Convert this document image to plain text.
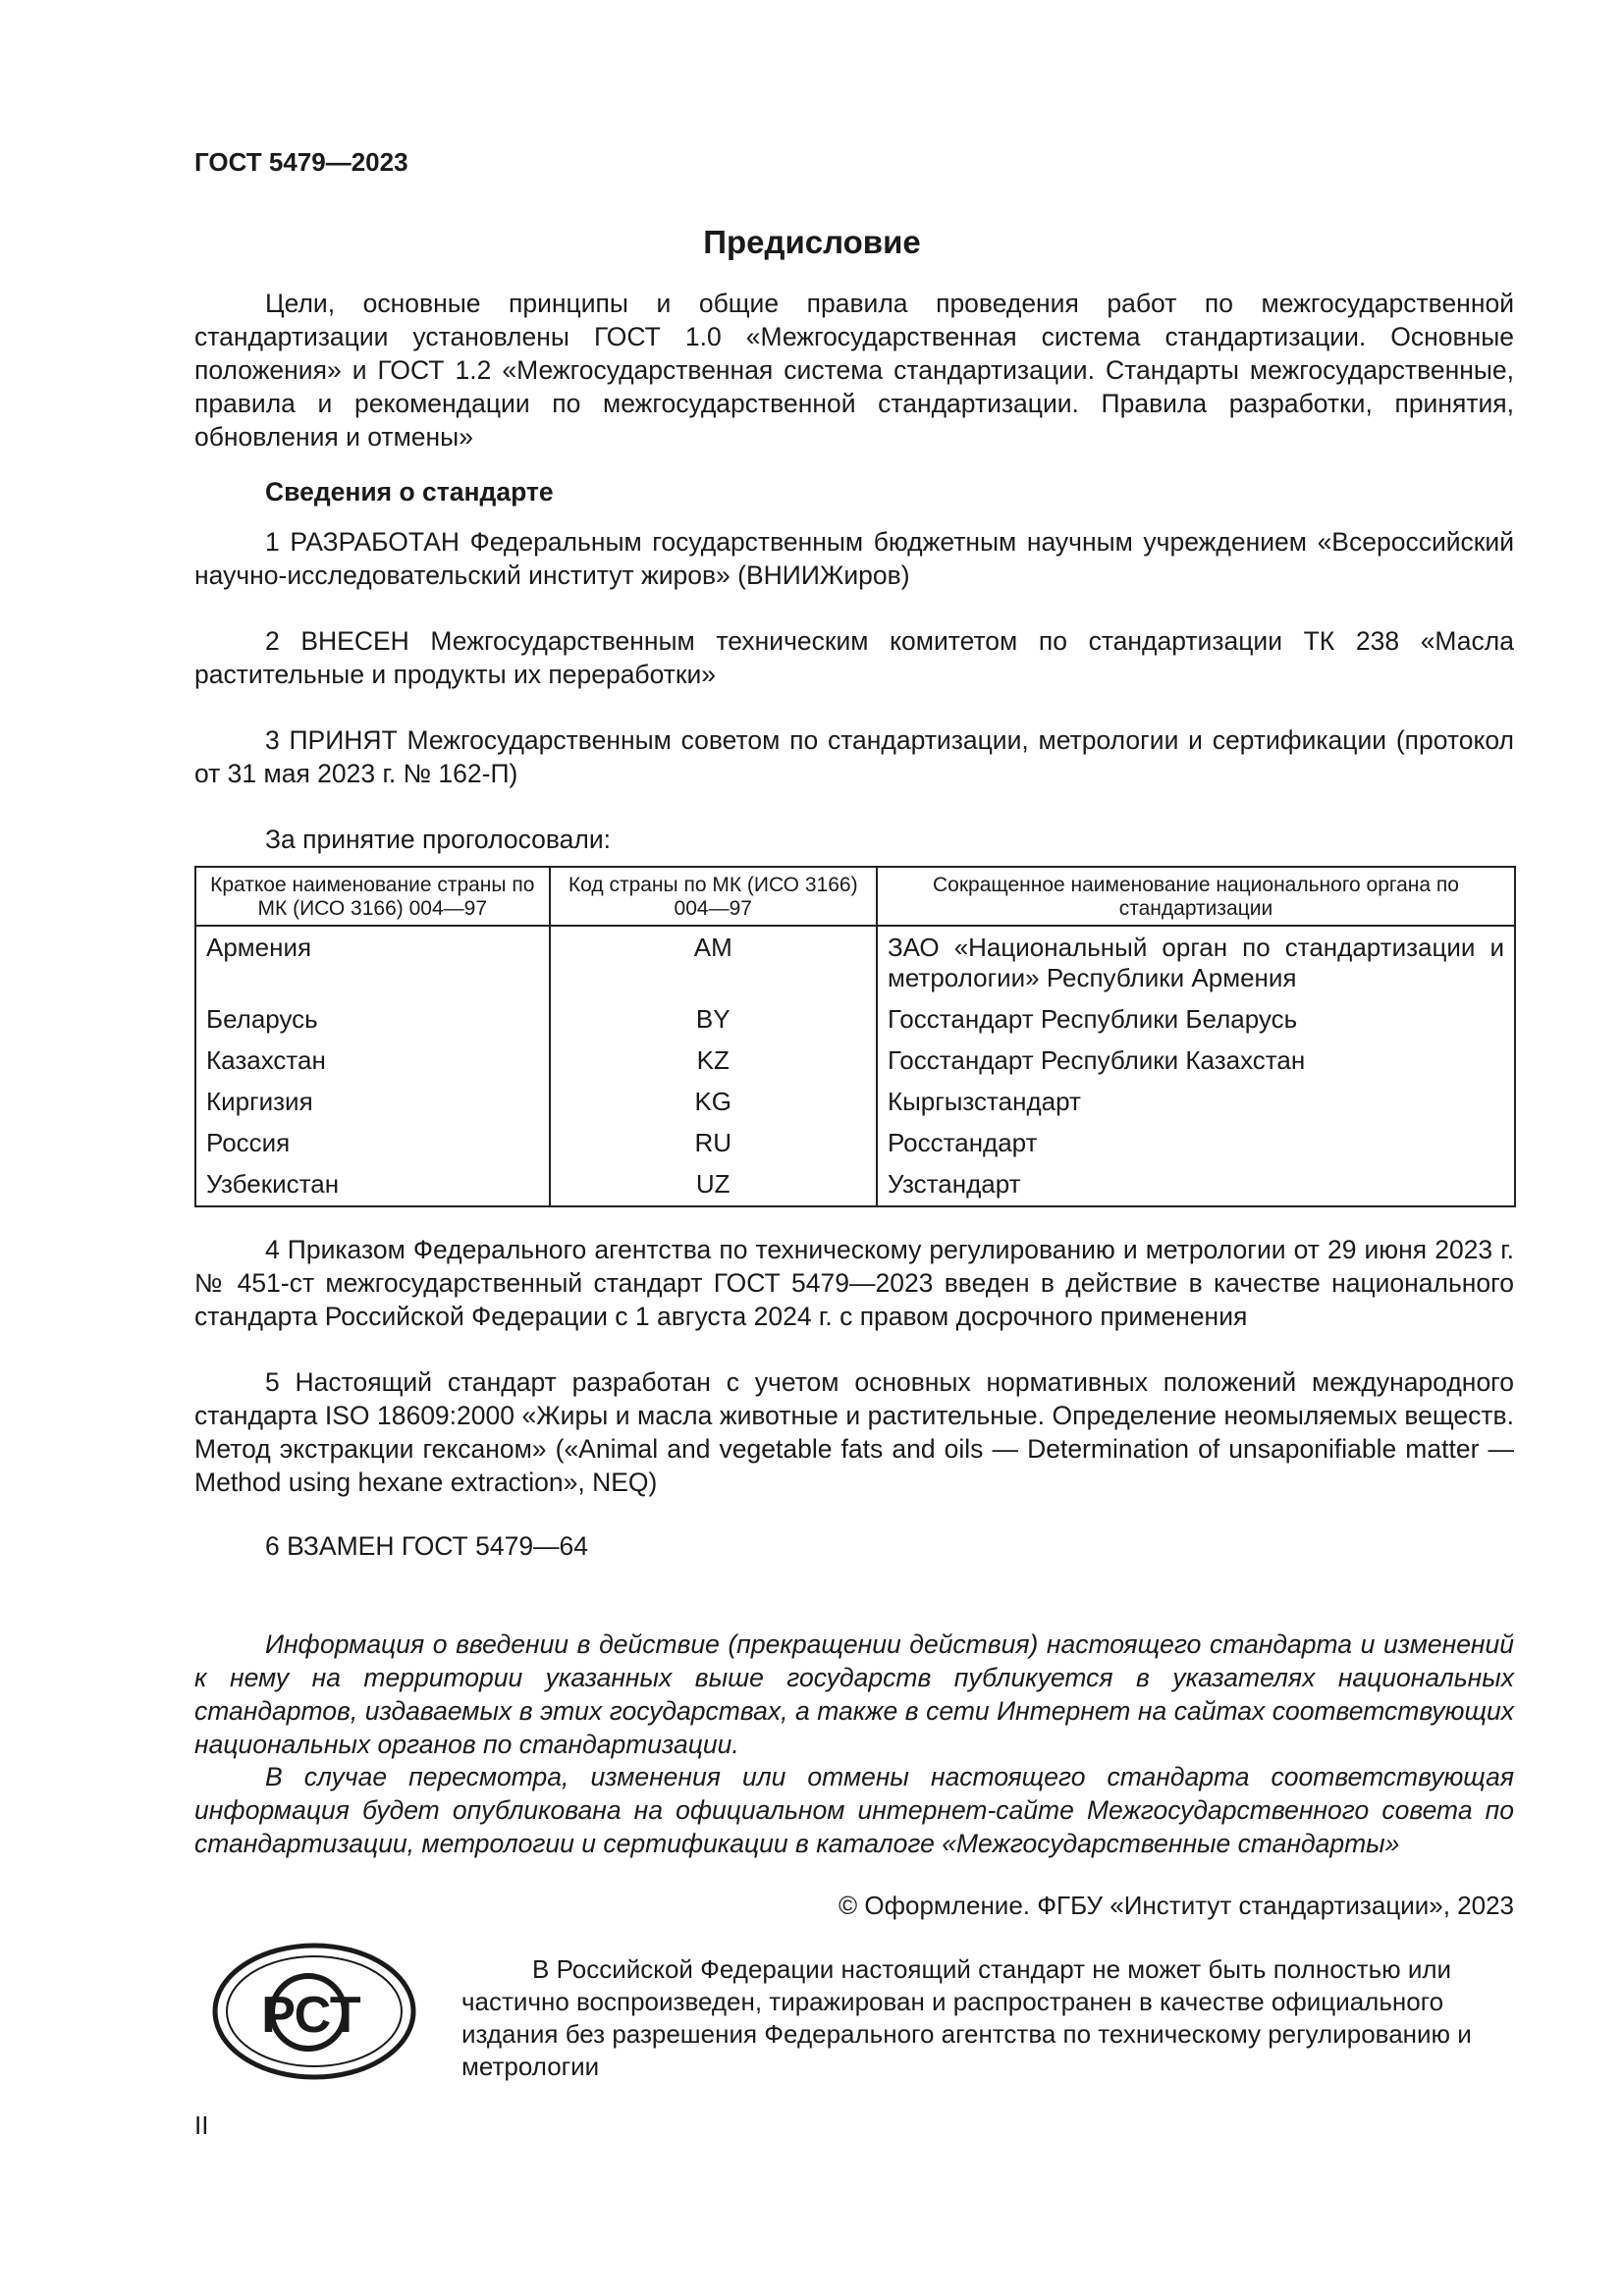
ГОСТ 5479—2023
Предисловие
Цели, основные принципы и общие правила проведения работ по межгосударственной стандартизации установлены ГОСТ 1.0 «Межгосударственная система стандартизации. Основные положения» и ГОСТ 1.2 «Межгосударственная система стандартизации. Стандарты межгосударственные, правила и рекомендации по межгосударственной стандартизации. Правила разработки, принятия, обновления и отмены»
Сведения о стандарте
1 РАЗРАБОТАН Федеральным государственным бюджетным научным учреждением «Всероссийский научно-исследовательский институт жиров» (ВНИИЖиров)
2 ВНЕСЕН Межгосударственным техническим комитетом по стандартизации ТК 238 «Масла растительные и продукты их переработки»
3 ПРИНЯТ Межгосударственным советом по стандартизации, метрологии и сертификации (протокол от 31 мая 2023 г. № 162-П)
За принятие проголосовали:
Краткое наименование страны по МК (ИСО 3166) 004—97	Код страны по МК (ИСО 3166) 004—97	Сокращенное наименование национального органа по стандартизации
Армения	AM	ЗАО «Национальный орган по стандартизации и метрологии» Республики Армения
Беларусь	BY	Госстандарт Республики Беларусь
Казахстан	KZ	Госстандарт Республики Казахстан
Киргизия	KG	Кыргызстандарт
Россия	RU	Росстандарт
Узбекистан	UZ	Узстандарт
4 Приказом Федерального агентства по техническому регулированию и метрологии от 29 июня 2023 г. № 451-ст межгосударственный стандарт ГОСТ 5479—2023 введен в действие в качестве национального стандарта Российской Федерации с 1 августа 2024 г. с правом досрочного применения
5 Настоящий стандарт разработан с учетом основных нормативных положений международного стандарта ISO 18609:2000 «Жиры и масла животные и растительные. Определение неомыляемых веществ. Метод экстракции гексаном» («Animal and vegetable fats and oils — Determination of unsaponifiable matter — Method using hexane extraction», NEQ)
6 ВЗАМЕН ГОСТ 5479—64
Информация о введении в действие (прекращении действия) настоящего стандарта и изменений к нему на территории указанных выше государств публикуется в указателях национальных стандартов, издаваемых в этих государствах, а также в сети Интернет на сайтах соответствующих национальных органов по стандартизации.
В случае пересмотра, изменения или отмены настоящего стандарта соответствующая информация будет опубликована на официальном интернет-сайте Межгосударственного совета по стандартизации, метрологии и сертификации в каталоге «Межгосударственные стандарты»
© Оформление. ФГБУ «Институт стандартизации», 2023
РСТ

В Российской Федерации настоящий стандарт не может быть полностью или частично воспроизведен, тиражирован и распространен в качестве официального издания без разрешения Федерального агентства по техническому регулированию и метрологии

II
